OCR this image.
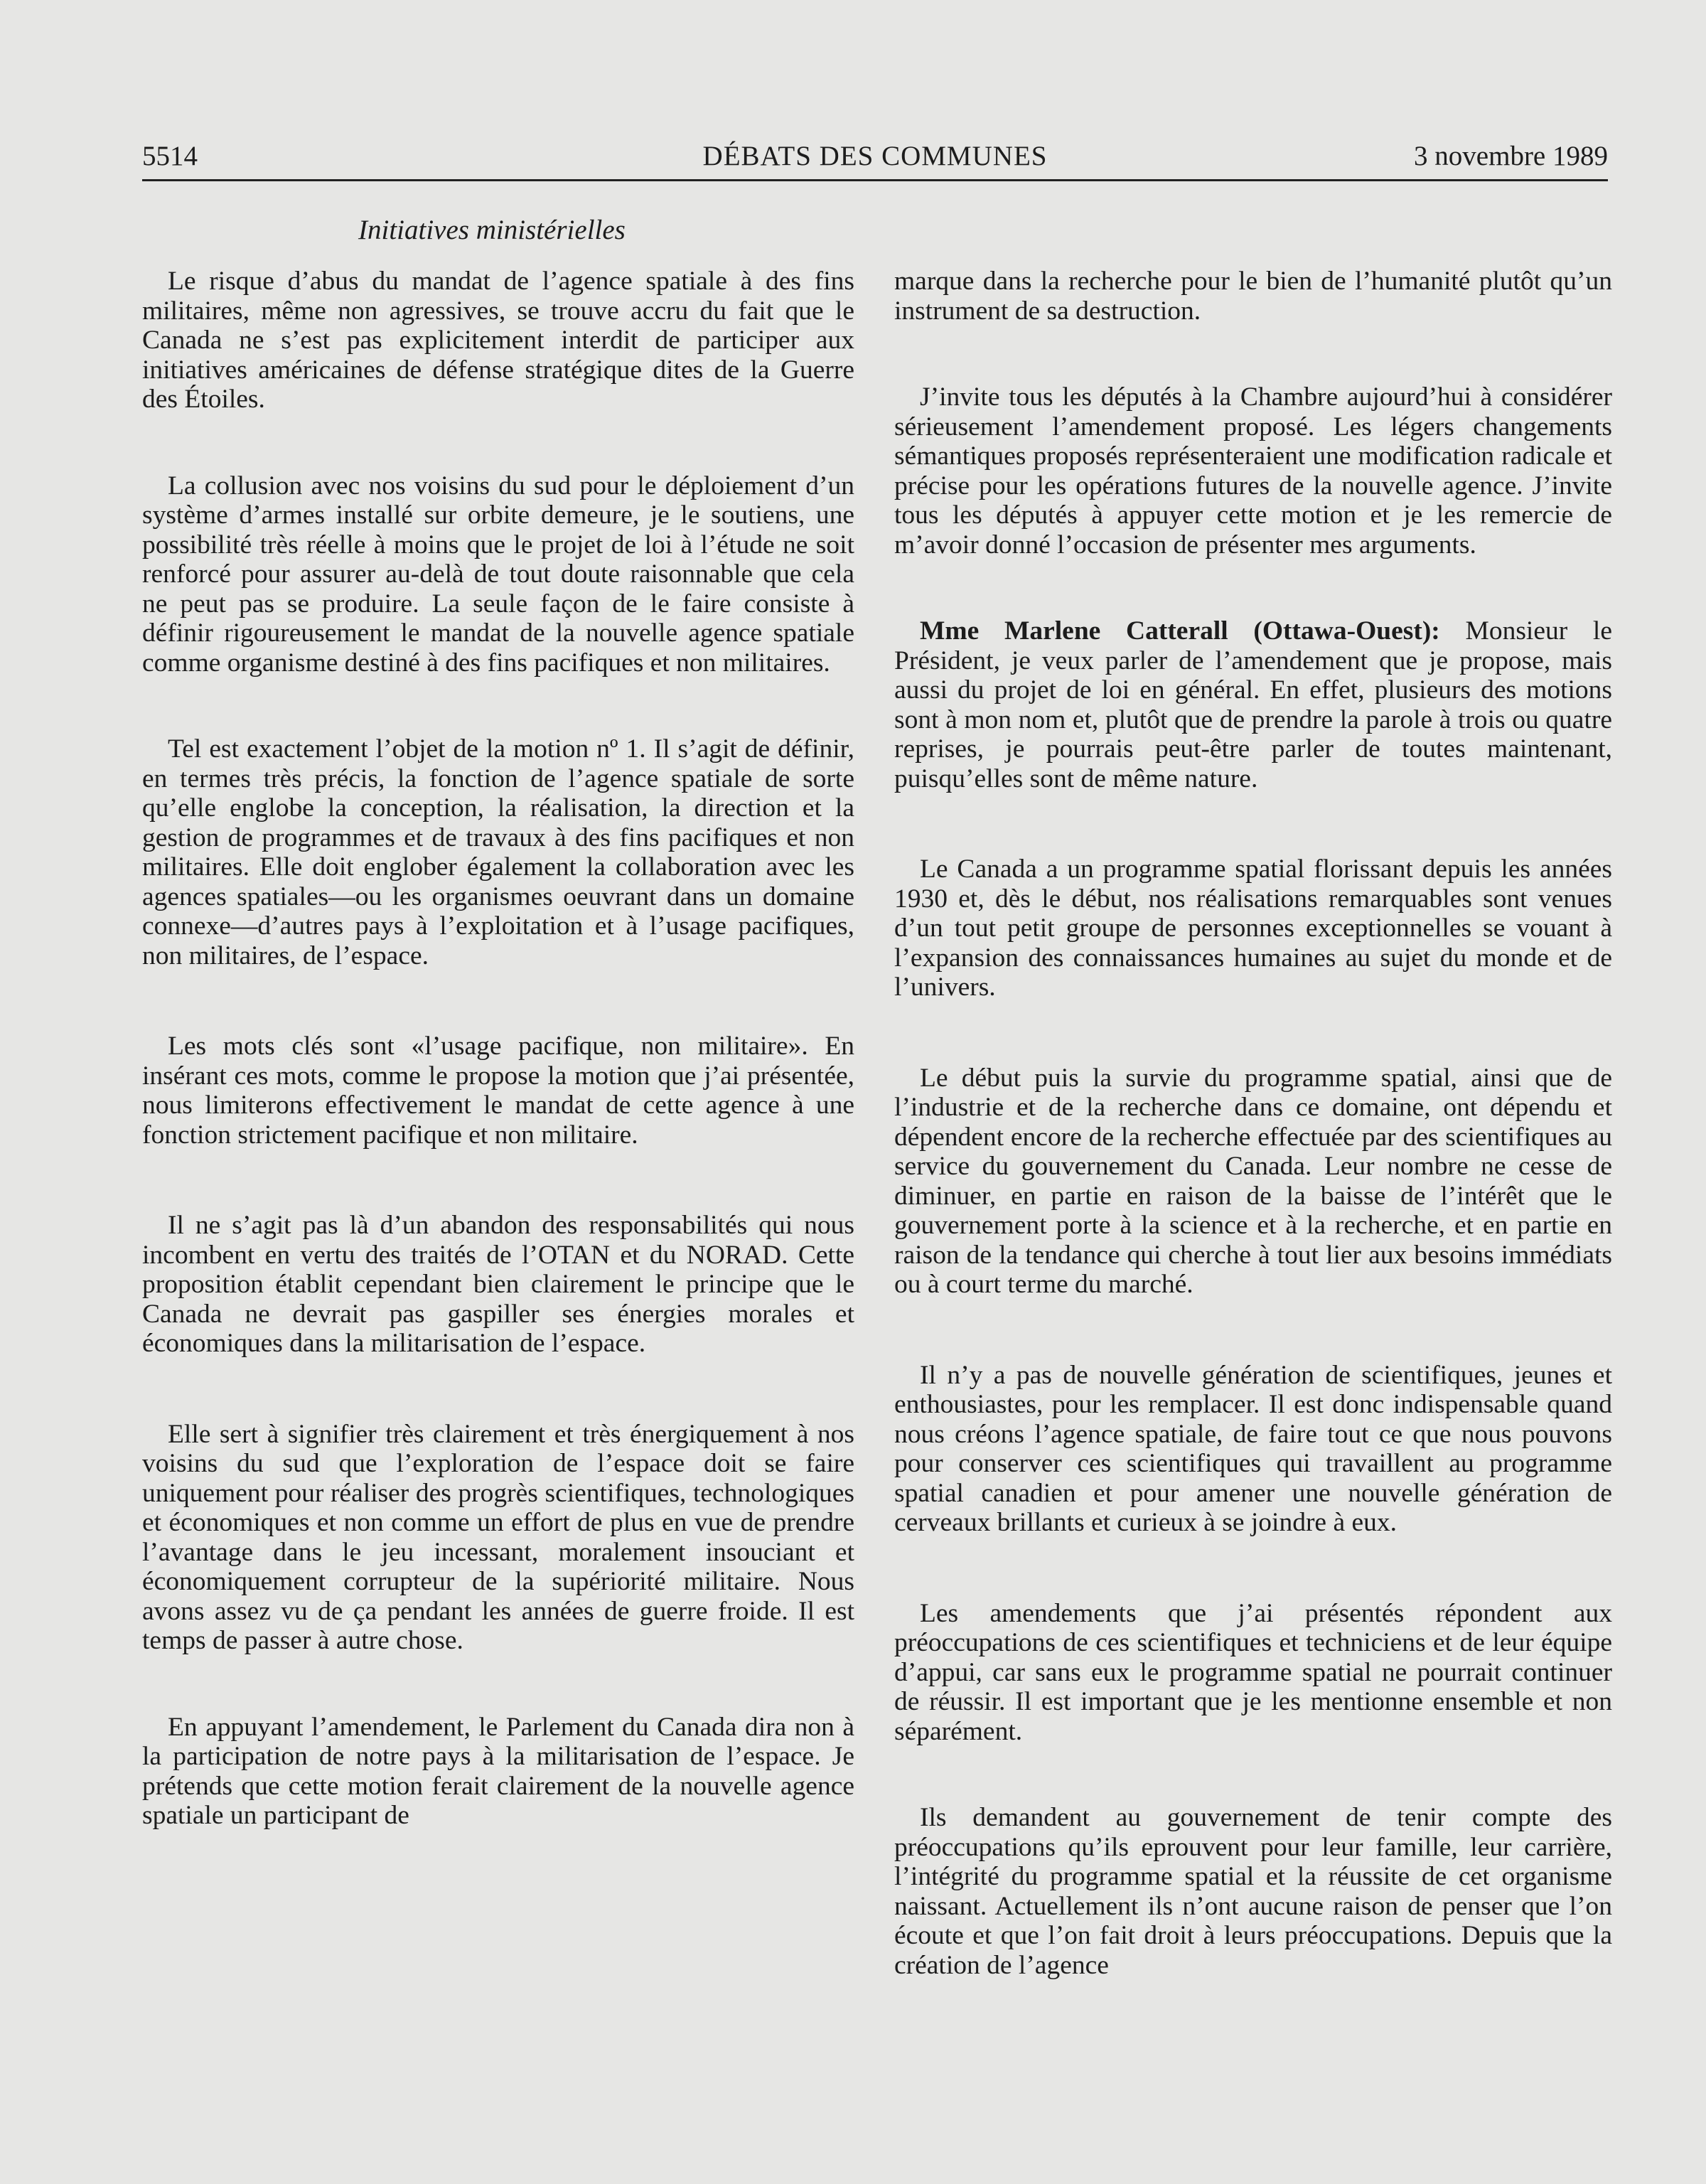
5514	DÉBATS DES COMMUNES	3 novembre 1989
Initiatives ministérielles

Le risque d’abus du mandat de l’agence spatiale à des fins militaires, même non agressives, se trouve accru du fait que le Canada ne s’est pas explicitement interdit de participer aux initiatives américaines de défense stratégique dites de la Guerre des Étoiles.

La collusion avec nos voisins du sud pour le déploiement d’un système d’armes installé sur orbite demeure, je le soutiens, une possibilité très réelle à moins que le projet de loi à l’étude ne soit renforcé pour assurer au-delà de tout doute raisonnable que cela ne peut pas se produire. La seule façon de le faire consiste à définir rigoureusement le mandat de la nouvelle agence spatiale comme organisme destiné à des fins pacifiques et non militaires.

Tel est exactement l’objet de la motion nº 1. Il s’agit de définir, en termes très précis, la fonction de l’agence spatiale de sorte qu’elle englobe la conception, la réalisation, la direction et la gestion de programmes et de travaux à des fins pacifiques et non militaires. Elle doit englober également la collaboration avec les agences spatiales—ou les organismes oeuvrant dans un domaine connexe—d’autres pays à l’exploitation et à l’usage pacifiques, non militaires, de l’espace.

Les mots clés sont «l’usage pacifique, non militaire». En insérant ces mots, comme le propose la motion que j’ai présentée, nous limiterons effectivement le mandat de cette agence à une fonction strictement pacifique et non militaire.

Il ne s’agit pas là d’un abandon des responsabilités qui nous incombent en vertu des traités de l’OTAN et du NORAD. Cette proposition établit cependant bien clairement le principe que le Canada ne devrait pas gaspiller ses énergies morales et économiques dans la militarisation de l’espace.

Elle sert à signifier très clairement et très énergiquement à nos voisins du sud que l’exploration de l’espace doit se faire uniquement pour réaliser des progrès scientifiques, technologiques et économiques et non comme un effort de plus en vue de prendre l’avantage dans le jeu incessant, moralement insouciant et économiquement corrupteur de la supériorité militaire. Nous avons assez vu de ça pendant les années de guerre froide. Il est temps de passer à autre chose.

En appuyant l’amendement, le Parlement du Canada dira non à la participation de notre pays à la militarisation de l’espace. Je prétends que cette motion ferait clairement de la nouvelle agence spatiale un participant de

marque dans la recherche pour le bien de l’humanité plutôt qu’un instrument de sa destruction.

J’invite tous les députés à la Chambre aujourd’hui à considérer sérieusement l’amendement proposé. Les légers changements sémantiques proposés représenteraient une modification radicale et précise pour les opérations futures de la nouvelle agence. J’invite tous les députés à appuyer cette motion et je les remercie de m’avoir donné l’occasion de présenter mes arguments.

Mme Marlene Catterall (Ottawa-Ouest): Monsieur le Président, je veux parler de l’amendement que je propose, mais aussi du projet de loi en général. En effet, plusieurs des motions sont à mon nom et, plutôt que de prendre la parole à trois ou quatre reprises, je pourrais peut-être parler de toutes maintenant, puisqu’elles sont de même nature.

Le Canada a un programme spatial florissant depuis les années 1930 et, dès le début, nos réalisations remarquables sont venues d’un tout petit groupe de personnes exceptionnelles se vouant à l’expansion des connaissances humaines au sujet du monde et de l’univers.

Le début puis la survie du programme spatial, ainsi que de l’industrie et de la recherche dans ce domaine, ont dépendu et dépendent encore de la recherche effectuée par des scientifiques au service du gouvernement du Canada. Leur nombre ne cesse de diminuer, en partie en raison de la baisse de l’intérêt que le gouvernement porte à la science et à la recherche, et en partie en raison de la tendance qui cherche à tout lier aux besoins immédiats ou à court terme du marché.

Il n’y a pas de nouvelle génération de scientifiques, jeunes et enthousiastes, pour les remplacer. Il est donc indispensable quand nous créons l’agence spatiale, de faire tout ce que nous pouvons pour conserver ces scientifiques qui travaillent au programme spatial canadien et pour amener une nouvelle génération de cerveaux brillants et curieux à se joindre à eux.

Les amendements que j’ai présentés répondent aux préoccupations de ces scientifiques et techniciens et de leur équipe d’appui, car sans eux le programme spatial ne pourrait continuer de réussir. Il est important que je les mentionne ensemble et non séparément.

Ils demandent au gouvernement de tenir compte des préoccupations qu’ils eprouvent pour leur famille, leur carrière, l’intégrité du programme spatial et la réussite de cet organisme naissant. Actuellement ils n’ont aucune raison de penser que l’on écoute et que l’on fait droit à leurs préoccupations. Depuis que la création de l’agence
